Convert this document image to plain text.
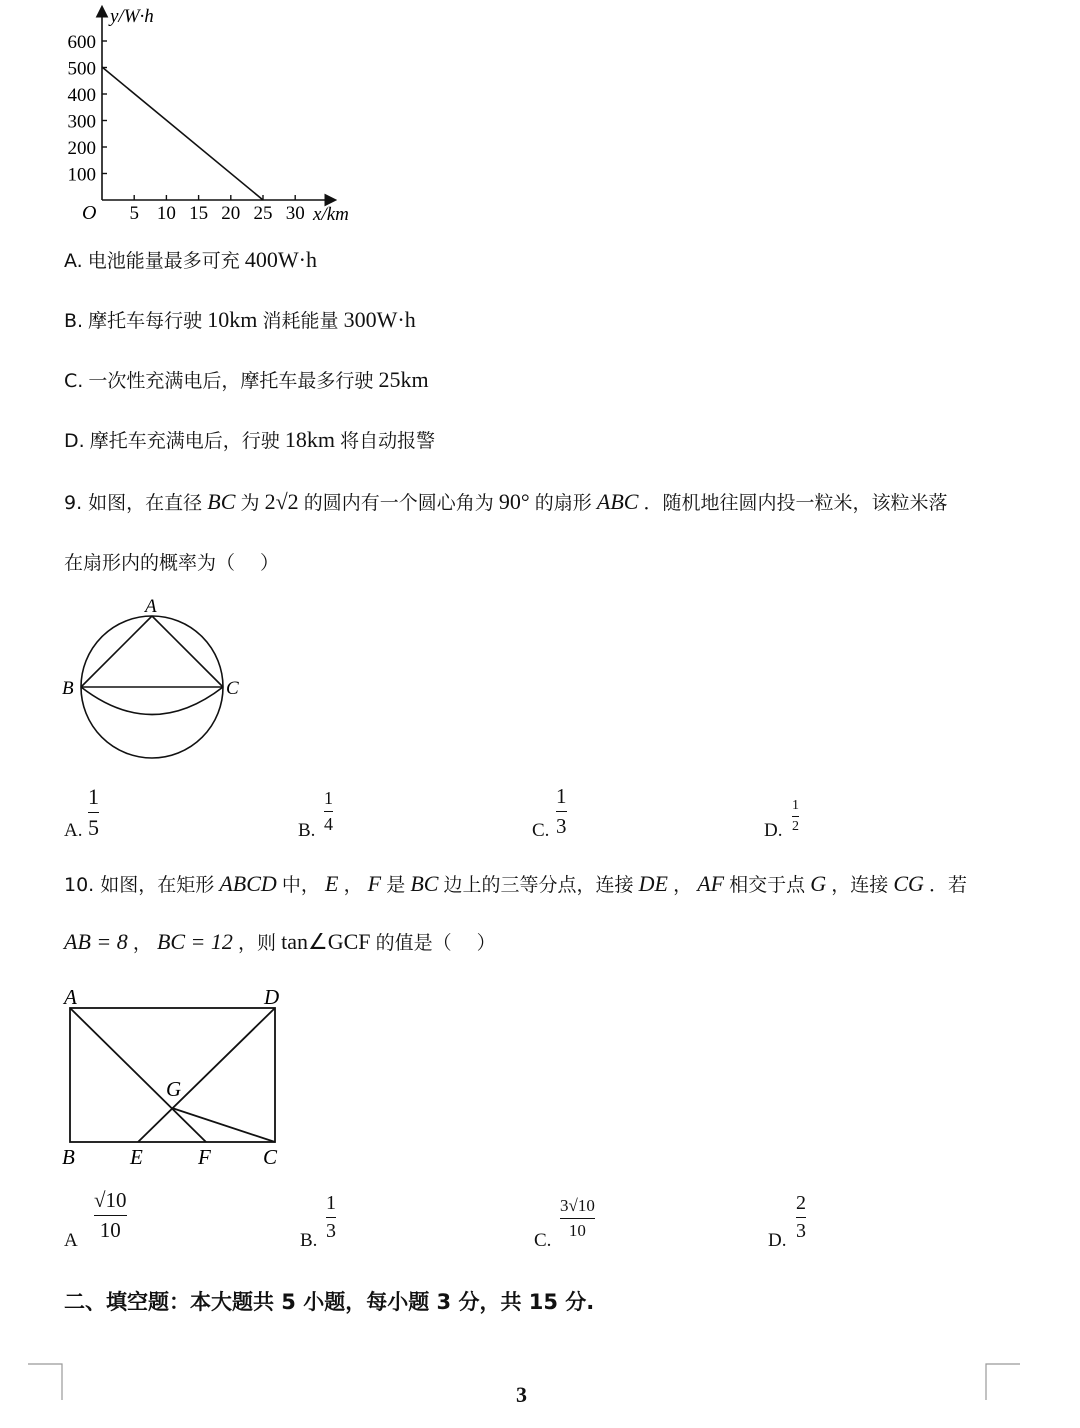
600
500
400
300
200
100
5 10 15 20 25 30
y/W·h
x/km
O
A. 电池能量最多可充 400W·h
B. 摩托车每行驶 10km 消耗能量 300W·h
C. 一次性充满电后，摩托车最多行驶 25km
D. 摩托车充满电后，行驶 18km 将自动报警
9. 如图，在直径 BC 为 2√2 的圆内有一个圆心角为 90° 的扇形 ABC ．随机地往圆内投一粒米，该粒米落
在扇形内的概率为（　 ）
A
B	C
A.
1
5	B.
1
4	C.
1
3	D.
1
2
10. 如图，在矩形 ABCD 中， E ， F 是 BC 边上的三等分点，连接 DE ， AF 相交于点 G ，连接 CG ．若
AB = 8 ， BC = 12 ，则 tan∠GCF 的值是（　 ）
A	D
G
B	E	F C
A
√10
10	B.
1
3	C.
3√10
10	D.
2
3
二、填空题：本大题共 5 小题，每小题 3 分，共 15 分.
3
